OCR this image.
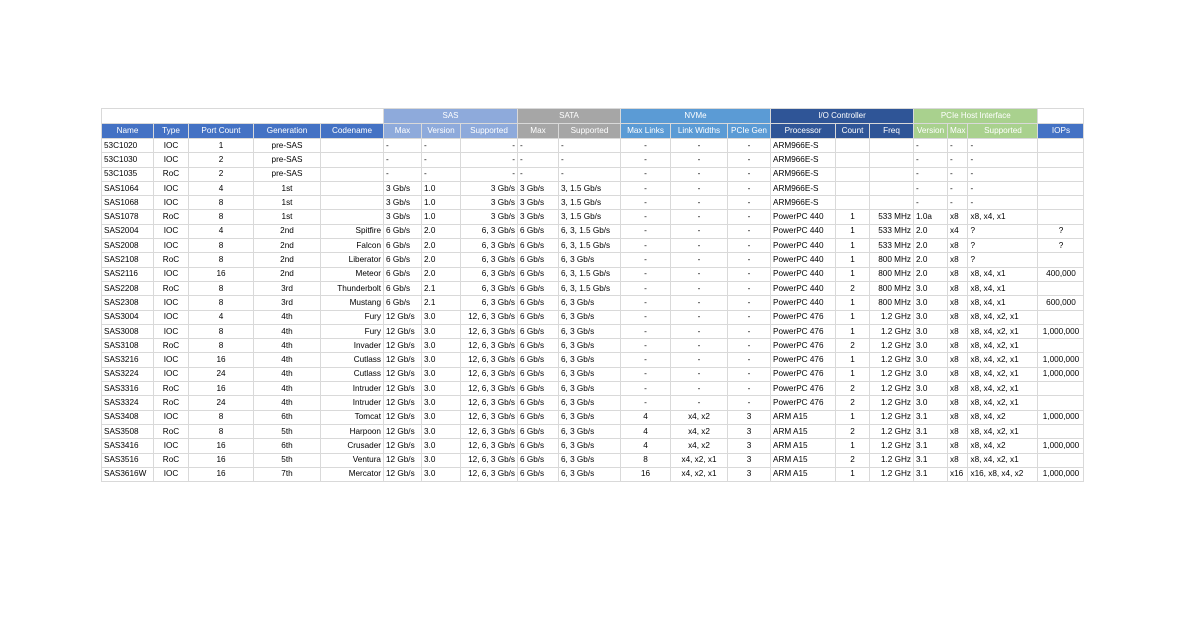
					SAS			SATA		NVMe			I/O Controller			PCIe Host Interface			
Name	Type	Port Count	Generation	Codename	Max	Version	Supported	Max	Supported	Max Links	Link Widths	PCIe Gen	Processor	Count	Freq	Version	Max	Supported	IOPs
53C1020	IOC	1	pre-SAS		-	-	-	-	-	-	-	-	ARM966E-S			-	-	-	
53C1030	IOC	2	pre-SAS		-	-	-	-	-	-	-	-	ARM966E-S			-	-	-	
53C1035	RoC	2	pre-SAS		-	-	-	-	-	-	-	-	ARM966E-S			-	-	-	
SAS1064	IOC	4	1st		3 Gb/s	1.0	3 Gb/s	3 Gb/s	3, 1.5 Gb/s	-	-	-	ARM966E-S			-	-	-	
SAS1068	IOC	8	1st		3 Gb/s	1.0	3 Gb/s	3 Gb/s	3, 1.5 Gb/s	-	-	-	ARM966E-S			-	-	-	
SAS1078	RoC	8	1st		3 Gb/s	1.0	3 Gb/s	3 Gb/s	3, 1.5 Gb/s	-	-	-	PowerPC 440	1	533 MHz	1.0a	x8	x8, x4, x1	
SAS2004	IOC	4	2nd	Spitfire	6 Gb/s	2.0	6, 3 Gb/s	6 Gb/s	6, 3, 1.5 Gb/s	-	-	-	PowerPC 440	1	533 MHz	2.0	x4	?	?
SAS2008	IOC	8	2nd	Falcon	6 Gb/s	2.0	6, 3 Gb/s	6 Gb/s	6, 3, 1.5 Gb/s	-	-	-	PowerPC 440	1	533 MHz	2.0	x8	?	?
SAS2108	RoC	8	2nd	Liberator	6 Gb/s	2.0	6, 3 Gb/s	6 Gb/s	6, 3 Gb/s	-	-	-	PowerPC 440	1	800 MHz	2.0	x8	?	
SAS2116	IOC	16	2nd	Meteor	6 Gb/s	2.0	6, 3 Gb/s	6 Gb/s	6, 3, 1.5 Gb/s	-	-	-	PowerPC 440	1	800 MHz	2.0	x8	x8, x4, x1	400,000
SAS2208	RoC	8	3rd	Thunderbolt	6 Gb/s	2.1	6, 3 Gb/s	6 Gb/s	6, 3, 1.5 Gb/s	-	-	-	PowerPC 440	2	800 MHz	3.0	x8	x8, x4, x1	
SAS2308	IOC	8	3rd	Mustang	6 Gb/s	2.1	6, 3 Gb/s	6 Gb/s	6, 3 Gb/s	-	-	-	PowerPC 440	1	800 MHz	3.0	x8	x8, x4, x1	600,000
SAS3004	IOC	4	4th	Fury	12 Gb/s	3.0	12, 6, 3 Gb/s	6 Gb/s	6, 3 Gb/s	-	-	-	PowerPC 476	1	1.2 GHz	3.0	x8	x8, x4, x2, x1	
SAS3008	IOC	8	4th	Fury	12 Gb/s	3.0	12, 6, 3 Gb/s	6 Gb/s	6, 3 Gb/s	-	-	-	PowerPC 476	1	1.2 GHz	3.0	x8	x8, x4, x2, x1	1,000,000
SAS3108	RoC	8	4th	Invader	12 Gb/s	3.0	12, 6, 3 Gb/s	6 Gb/s	6, 3 Gb/s	-	-	-	PowerPC 476	2	1.2 GHz	3.0	x8	x8, x4, x2, x1	
SAS3216	IOC	16	4th	Cutlass	12 Gb/s	3.0	12, 6, 3 Gb/s	6 Gb/s	6, 3 Gb/s	-	-	-	PowerPC 476	1	1.2 GHz	3.0	x8	x8, x4, x2, x1	1,000,000
SAS3224	IOC	24	4th	Cutlass	12 Gb/s	3.0	12, 6, 3 Gb/s	6 Gb/s	6, 3 Gb/s	-	-	-	PowerPC 476	1	1.2 GHz	3.0	x8	x8, x4, x2, x1	1,000,000
SAS3316	RoC	16	4th	Intruder	12 Gb/s	3.0	12, 6, 3 Gb/s	6 Gb/s	6, 3 Gb/s	-	-	-	PowerPC 476	2	1.2 GHz	3.0	x8	x8, x4, x2, x1	
SAS3324	RoC	24	4th	Intruder	12 Gb/s	3.0	12, 6, 3 Gb/s	6 Gb/s	6, 3 Gb/s	-	-	-	PowerPC 476	2	1.2 GHz	3.0	x8	x8, x4, x2, x1	
SAS3408	IOC	8	6th	Tomcat	12 Gb/s	3.0	12, 6, 3 Gb/s	6 Gb/s	6, 3 Gb/s	4	x4, x2	3	ARM A15	1	1.2 GHz	3.1	x8	x8, x4, x2	1,000,000
SAS3508	RoC	8	5th	Harpoon	12 Gb/s	3.0	12, 6, 3 Gb/s	6 Gb/s	6, 3 Gb/s	4	x4, x2	3	ARM A15	2	1.2 GHz	3.1	x8	x8, x4, x2, x1	
SAS3416	IOC	16	6th	Crusader	12 Gb/s	3.0	12, 6, 3 Gb/s	6 Gb/s	6, 3 Gb/s	4	x4, x2	3	ARM A15	1	1.2 GHz	3.1	x8	x8, x4, x2	1,000,000
SAS3516	RoC	16	5th	Ventura	12 Gb/s	3.0	12, 6, 3 Gb/s	6 Gb/s	6, 3 Gb/s	8	x4, x2, x1	3	ARM A15	2	1.2 GHz	3.1	x8	x8, x4, x2, x1	
SAS3616W	IOC	16	7th	Mercator	12 Gb/s	3.0	12, 6, 3 Gb/s	6 Gb/s	6, 3 Gb/s	16	x4, x2, x1	3	ARM A15	1	1.2 GHz	3.1	x16	x16, x8, x4, x2	1,000,000
